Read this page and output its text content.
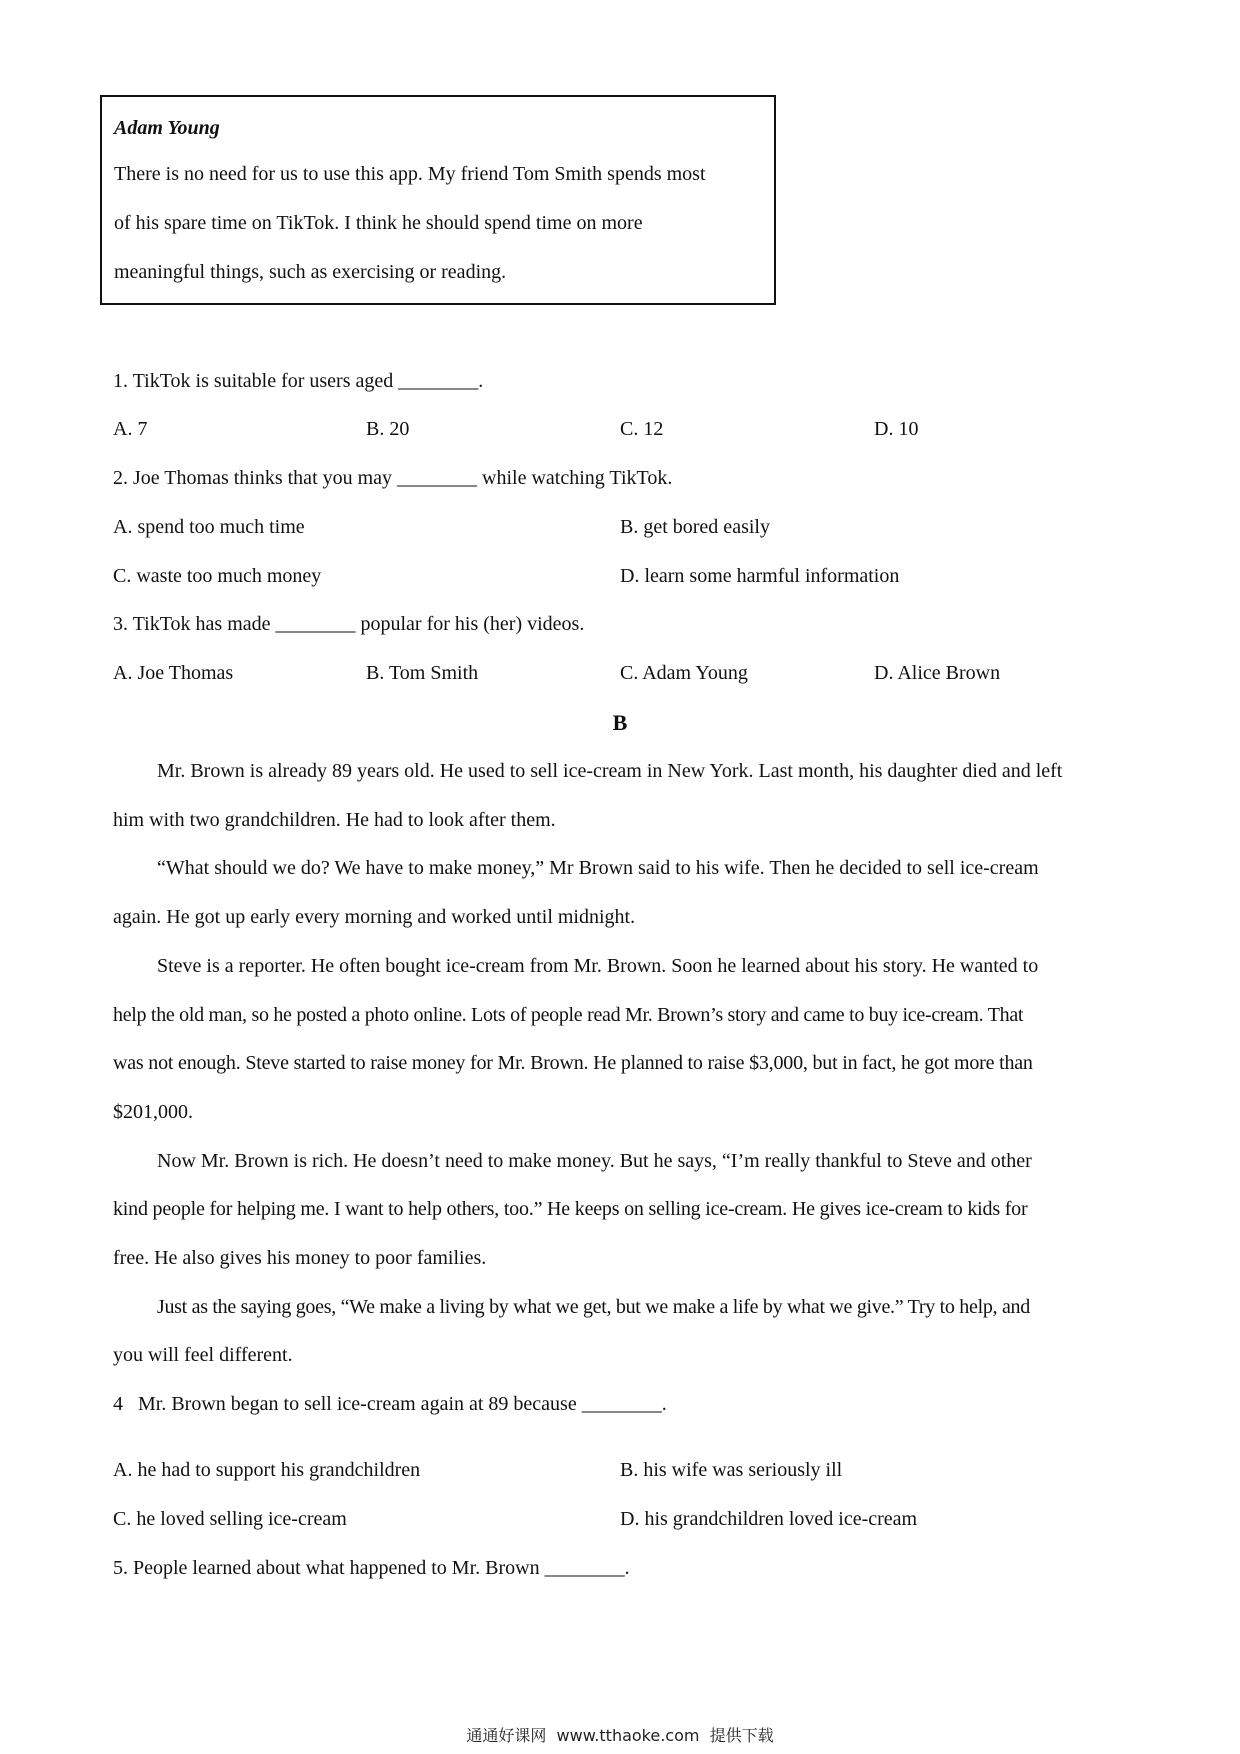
Adam Young
There is no need for us to use this app. My friend Tom Smith spends most
of his spare time on TikTok. I think he should spend time on more
meaningful things, such as exercising or reading.
1. TikTok is suitable for users aged ________.
A. 7	B. 20	C. 12	D. 10
2. Joe Thomas thinks that you may ________ while watching TikTok.
A. spend too much time	B. get bored easily
C. waste too much money	D. learn some harmful information
3. TikTok has made ________ popular for his (her) videos.
A. Joe Thomas	B. Tom Smith	C. Adam Young	D. Alice Brown
B
Mr. Brown is already 89 years old. He used to sell ice-cream in New York. Last month, his daughter died and left
him with two grandchildren. He had to look after them.
“What should we do? We have to make money,” Mr Brown said to his wife. Then he decided to sell ice-cream
again. He got up early every morning and worked until midnight.
Steve is a reporter. He often bought ice-cream from Mr. Brown. Soon he learned about his story. He wanted to
help the old man, so he posted a photo online. Lots of people read Mr. Brown’s story and came to buy ice-cream. That
was not enough. Steve started to raise money for Mr. Brown. He planned to raise $3,000, but in fact, he got more than
$201,000.
Now Mr. Brown is rich. He doesn’t need to make money. But he says, “I’m really thankful to Steve and other
kind people for helping me. I want to help others, too.” He keeps on selling ice-cream. He gives ice-cream to kids for
free. He also gives his money to poor families.
Just as the saying goes, “We make a living by what we get, but we make a life by what we give.” Try to help, and
you will feel different.
4   Mr. Brown began to sell ice-cream again at 89 because ________.
A. he had to support his grandchildren	B. his wife was seriously ill
C. he loved selling ice-cream	D. his grandchildren loved ice-cream
5. People learned about what happened to Mr. Brown ________.
通通好课网  www.tthaoke.com  提供下载
